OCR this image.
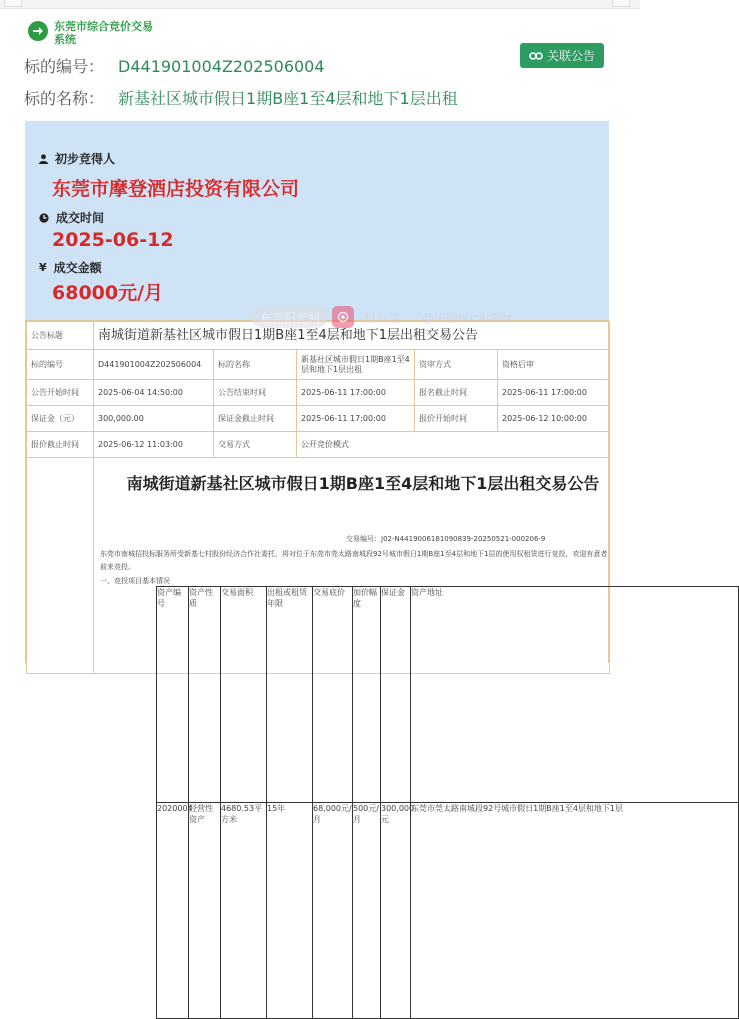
东莞市综合竞价交易系统
关联公告
标的编号： D441901004Z202506004
标的名称： 新基社区城市假日1期B座1至4层和地下1层出租
初步竞得人
东莞市摩登酒店投资有限公司
成交时间
2025-06-12
¥ 成交金额
68000元/月
公告标题	南城街道新基社区城市假日1期B座1至4层和地下1层出租交易公告
标的编号	D441901004Z202506004	标的名称	新基社区城市假日1期B座1至4层和地下1层出租	资审方式	资格后审
公告开始时间	2025-06-04 14:50:00	公告结束时间	2025-06-11 17:00:00	报名截止时间	2025-06-11 17:00:00
保证金（元）	300,000.00	保证金截止时间	2025-06-11 17:00:00	报价开始时间	2025-06-12 10:00:00
报价截止时间	2025-06-12 11:03:00	交易方式	公开竞价模式

南城街道新基社区城市假日1期B座1至4层和地下1层出租交易公告
交易编号：J02-N441900618109083​9-20250521-000206-9
东莞市南城招投标服务所受新基七村股份经济合作社委托，将对位于东莞市莞太路南城段92号城市假日1期B座1至4层和地下1层的使用权租赁进行竞投，欢迎有意者前来竞投。
一、竞投项目基本情况
资产编号	资产性质	交易面积	出租或租赁年限	交易底价	加价幅度	保证金	资产地址
2020004	经营性资产	4680.53平方米	15年	68,000元/月	500元/月	300,000元	东莞市莞太路南城段92号城市假日1期B座1至4层和地下1层
东莞阳光网	机东莞 @田园ourAdNo
